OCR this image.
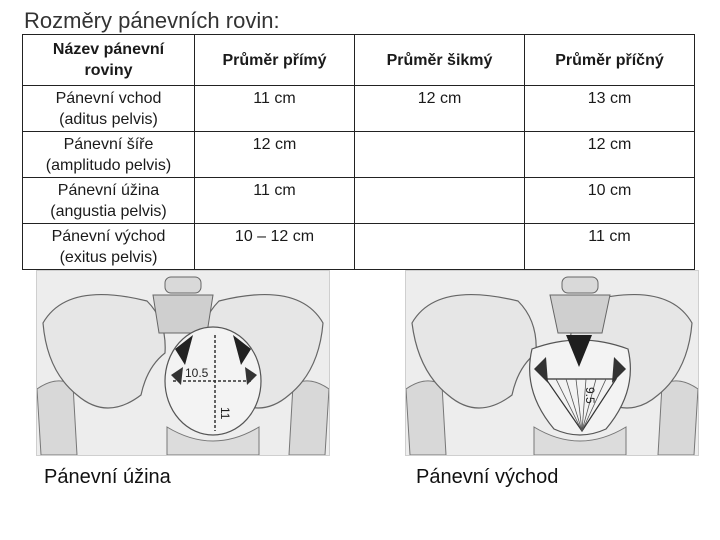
Rozměry pánevních rovin:
Název pánevní
roviny	Průměr přímý	Průměr šikmý	Průměr příčný

Pánevní vchod
(aditus pelvis)	11 cm	12 cm	13 cm

Pánevní šíře
(amplitudo pelvis)	12 cm		12 cm

Pánevní úžina
(angustia pelvis)	11 cm		10 cm

Pánevní východ
(exitus pelvis)	10 – 12 cm		11 cm
10.5
11
Pánevní úžina
9.5
Pánevní východ
